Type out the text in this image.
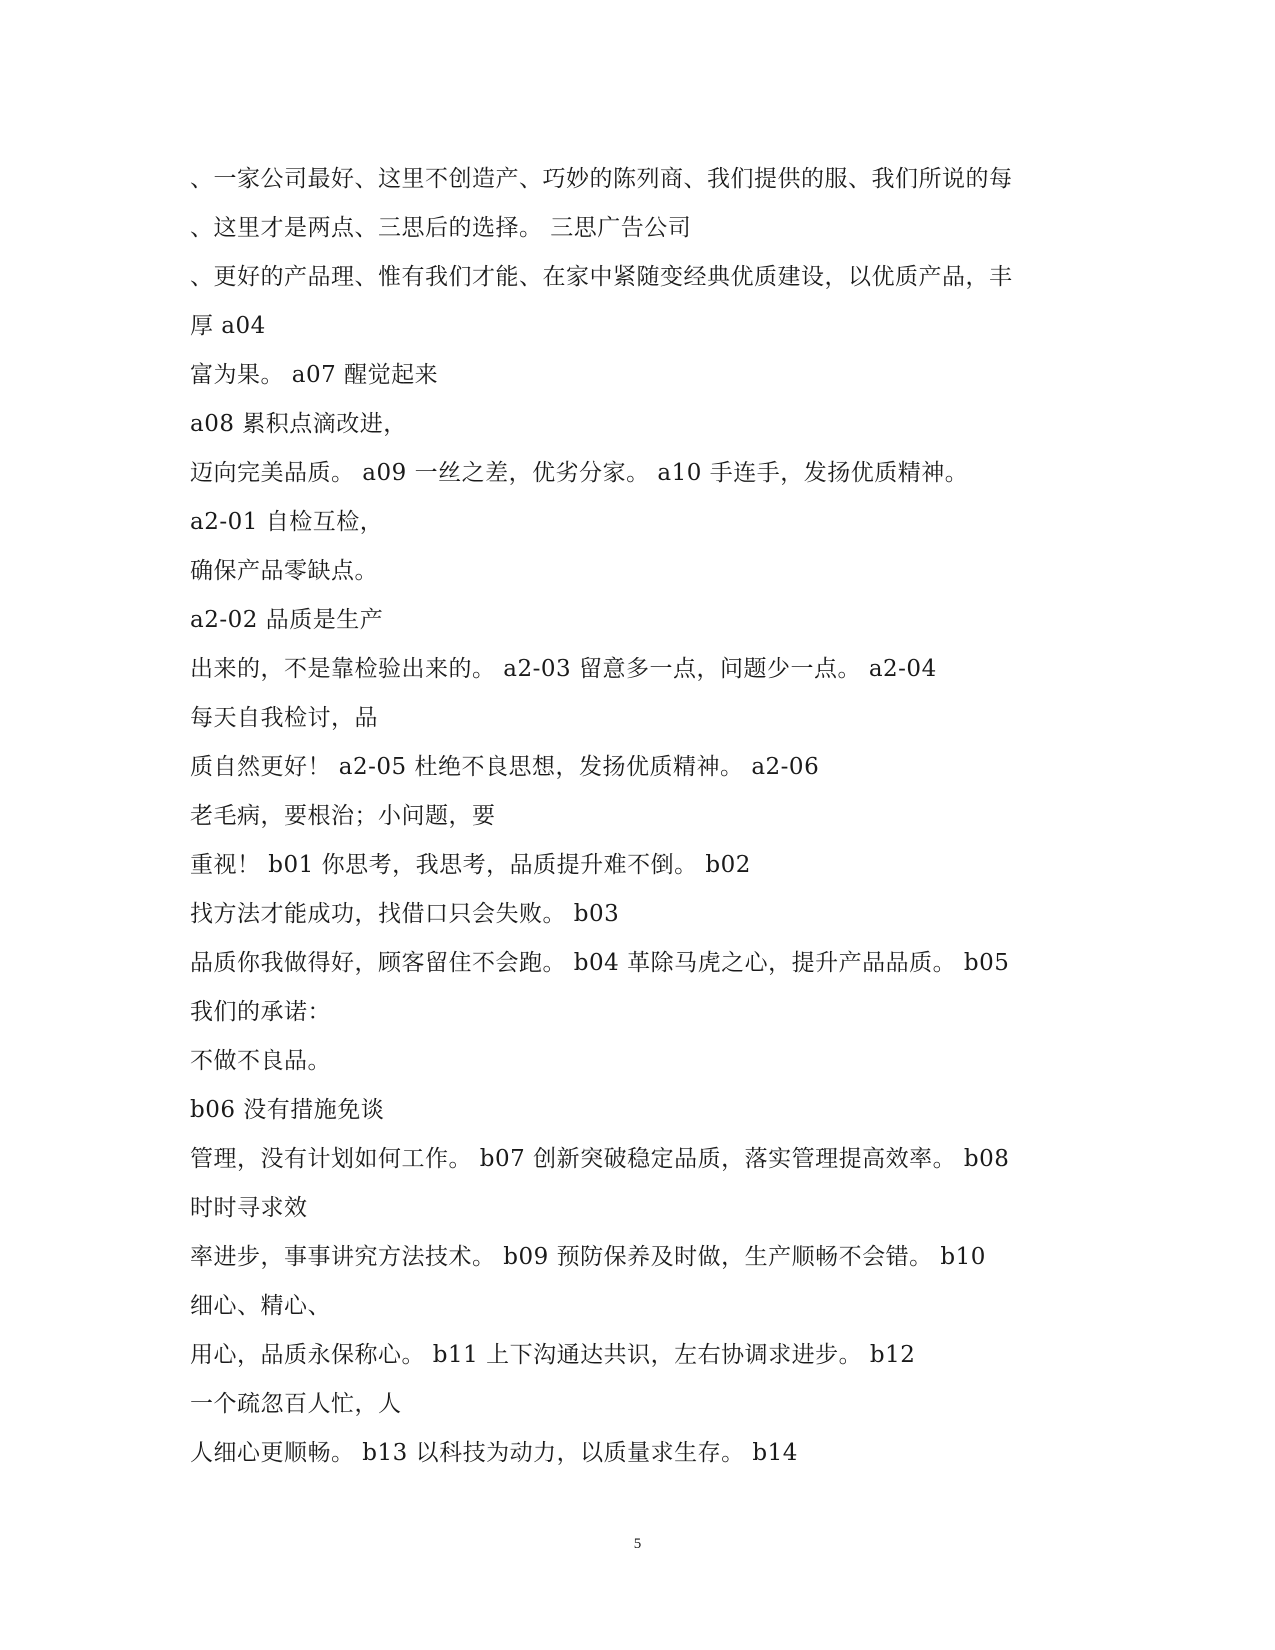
、一家公司最好、这里不创造产、巧妙的陈列商、我们提供的服、我们所说的每
、这里才是两点、三思后的选择。 三思广告公司
、更好的产品理、惟有我们才能、在家中紧随变经典优质建设，以优质产品，丰
厚 a04
富为果。 a07 醒觉起来
a08 累积点滴改进，
迈向完美品质。 a09 一丝之差，优劣分家。 a10 手连手，发扬优质精神。
a2-01 自检互检，
确保产品零缺点。
a2-02 品质是生产
出来的，不是靠检验出来的。 a2-03 留意多一点，问题少一点。 a2-04
每天自我检讨，品
质自然更好！ a2-05 杜绝不良思想，发扬优质精神。 a2-06
老毛病，要根治；小问题，要
重视！ b01 你思考，我思考，品质提升难不倒。 b02
找方法才能成功，找借口只会失败。 b03
品质你我做得好，顾客留住不会跑。 b04 革除马虎之心，提升产品品质。 b05
我们的承诺：
不做不良品。
b06 没有措施免谈
管理，没有计划如何工作。 b07 创新突破稳定品质，落实管理提高效率。 b08
时时寻求效
率进步，事事讲究方法技术。 b09 预防保养及时做，生产顺畅不会错。 b10
细心、精心、
用心，品质永保称心。 b11 上下沟通达共识，左右协调求进步。 b12
一个疏忽百人忙，人
人细心更顺畅。 b13 以科技为动力，以质量求生存。 b14
5
